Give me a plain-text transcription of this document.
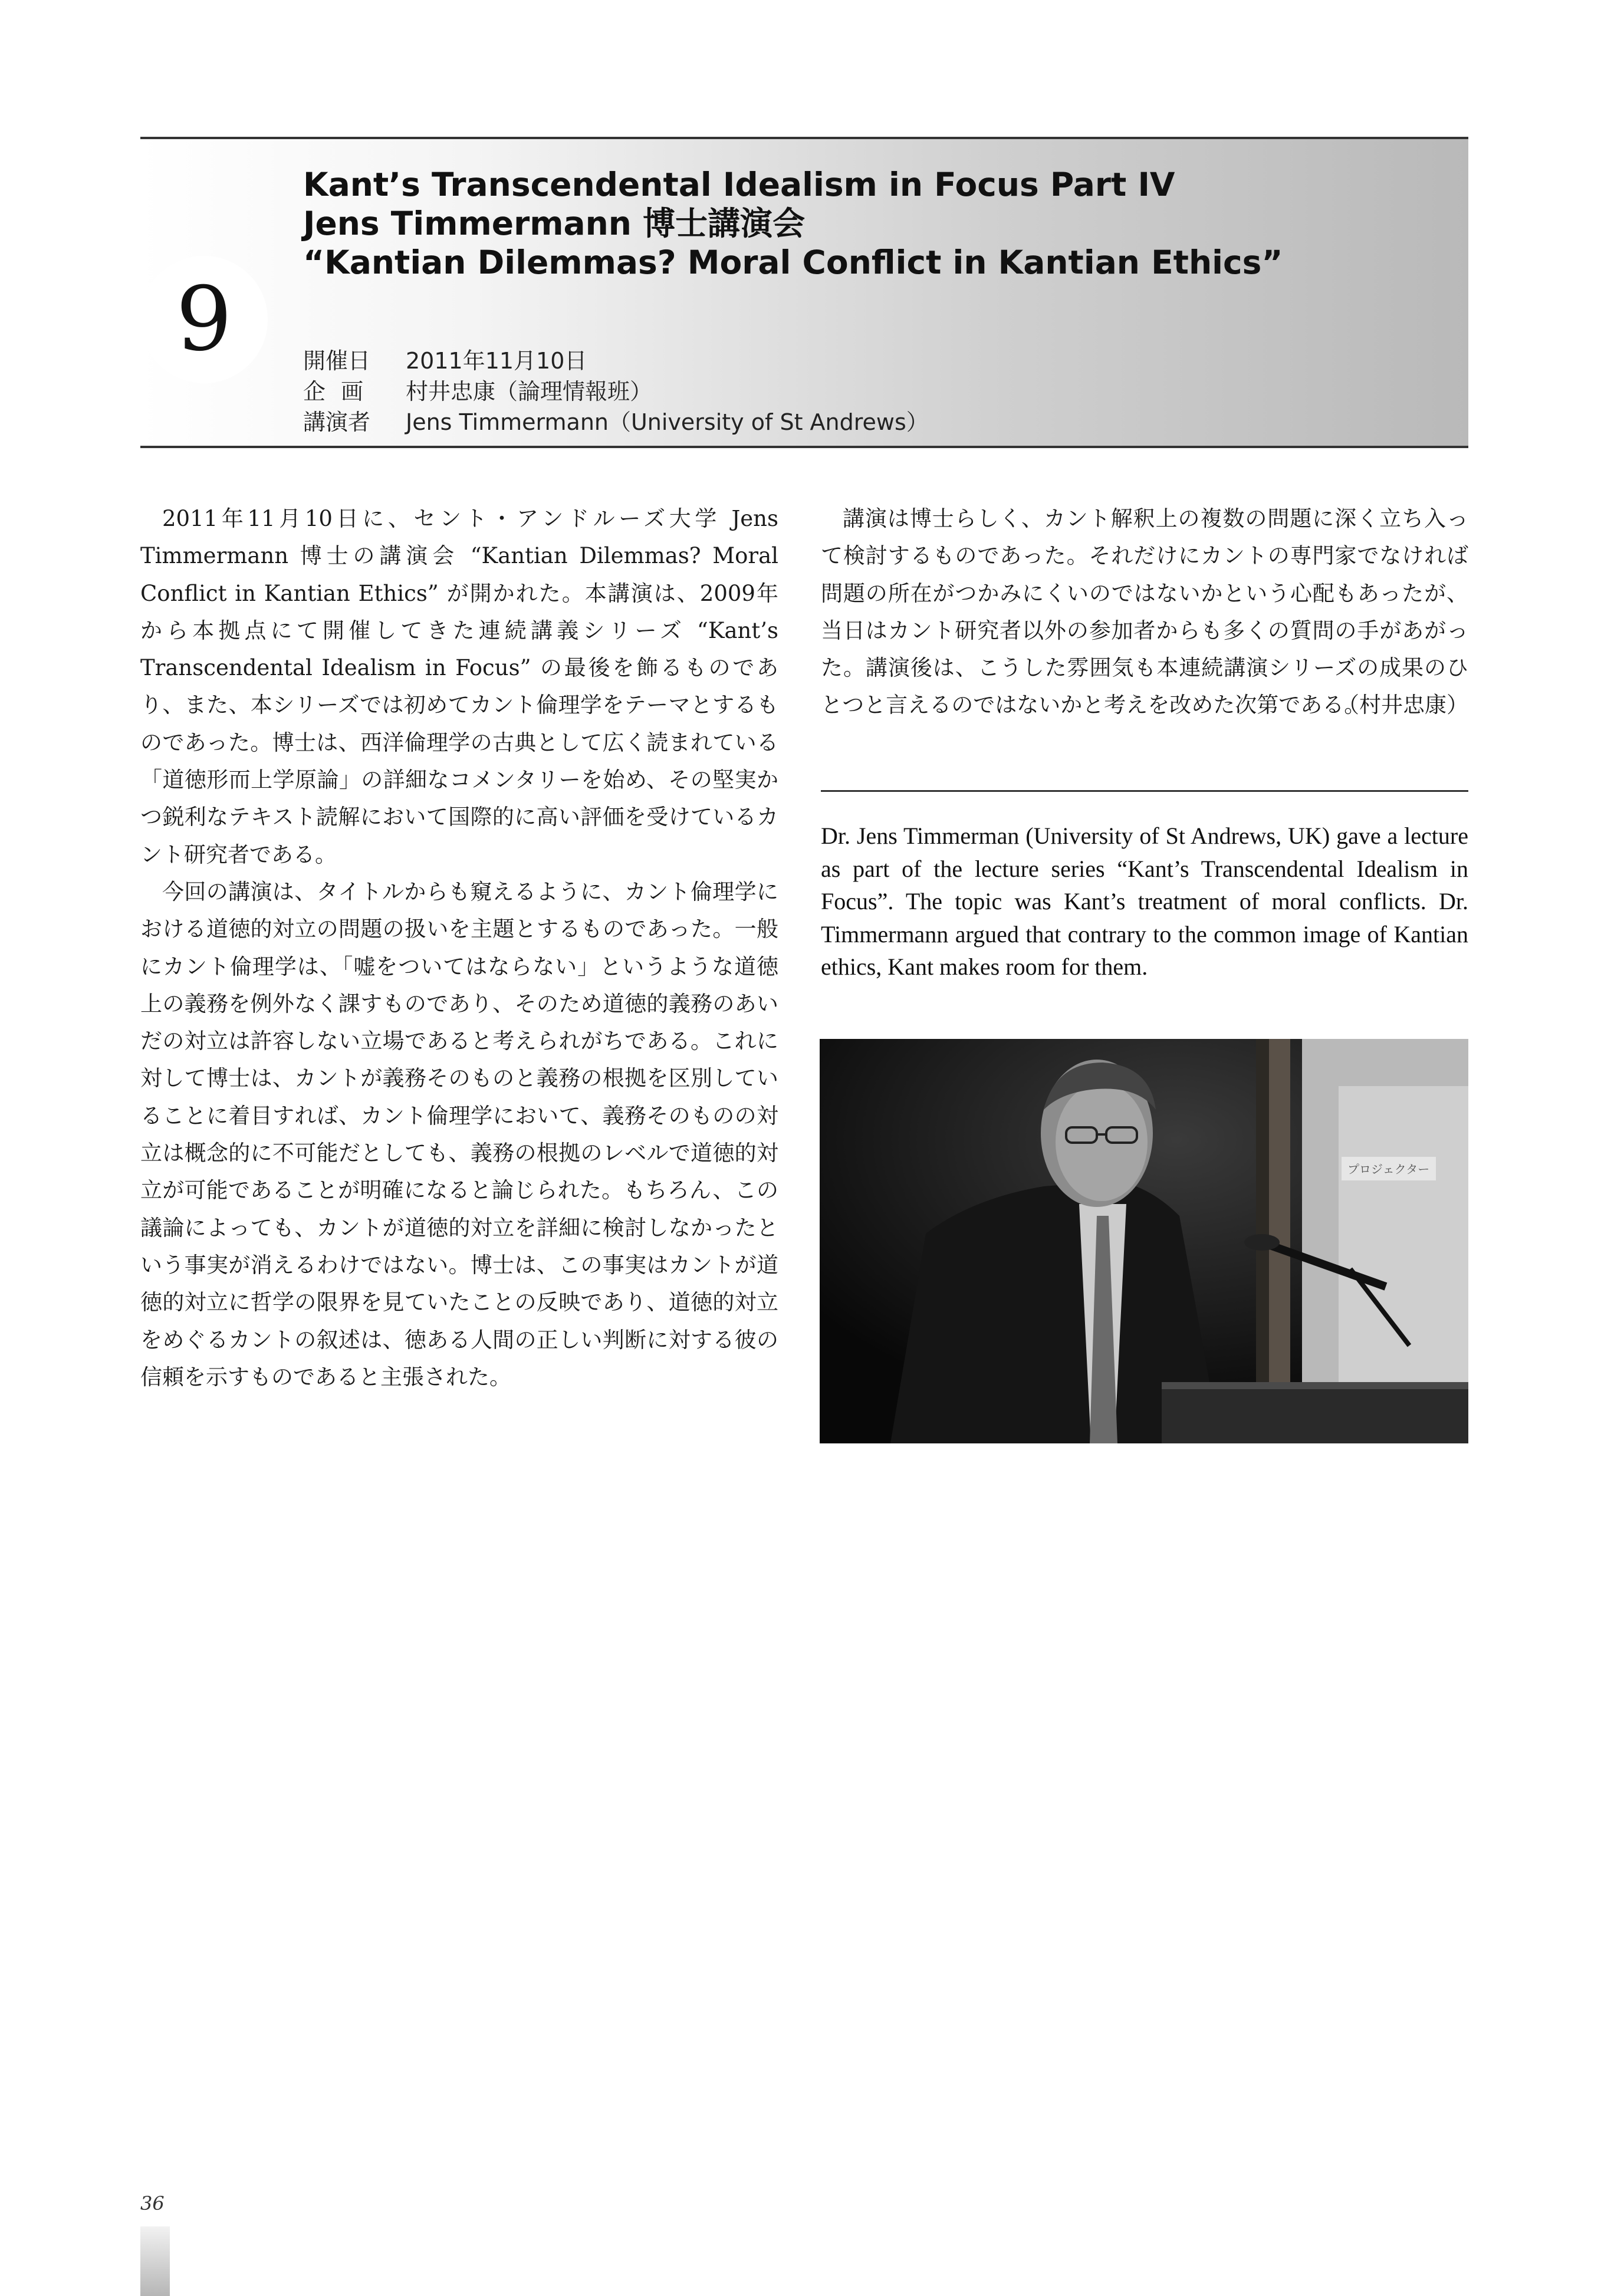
9
Kant’s Transcendental Idealism in Focus Part IV
Jens Timmermann 博士講演会
“Kantian Dilemmas? Moral Conflict in Kantian Ethics”
開催日 2011年11月10日
企画 村井忠康（論理情報班）
講演者 Jens Timmermann（University of St Andrews）

2011年11月10日に、セント・アンドルーズ大学 Jens Timmermann 博士の講演会 “Kantian Dilemmas? Moral Conflict in Kantian Ethics” が開かれた。本講演は、2009年から本拠点にて開催してきた連続講義シリーズ “Kant’s Transcendental Idealism in Focus” の最後を飾るものであり、また、本シリーズでは初めてカント倫理学をテーマとするものであった。博士は、西洋倫理学の古典として広く読まれている「道徳形而上学原論」の詳細なコメンタリーを始め、その堅実かつ鋭利なテキスト読解において国際的に高い評価を受けているカント研究者である。

今回の講演は、タイトルからも窺えるように、カント倫理学における道徳的対立の問題の扱いを主題とするものであった。一般にカント倫理学は、「嘘をついてはならない」というような道徳上の義務を例外なく課すものであり、そのため道徳的義務のあいだの対立は許容しない立場であると考えられがちである。これに対して博士は、カントが義務そのものと義務の根拠を区別していることに着目すれば、カント倫理学において、義務そのものの対立は概念的に不可能だとしても、義務の根拠のレベルで道徳的対立が可能であることが明確になると論じられた。もちろん、この議論によっても、カントが道徳的対立を詳細に検討しなかったという事実が消えるわけではない。博士は、この事実はカントが道徳的対立に哲学の限界を見ていたことの反映であり、道徳的対立をめぐるカントの叙述は、徳ある人間の正しい判断に対する彼の信頼を示すものであると主張された。

講演は博士らしく、カント解釈上の複数の問題に深く立ち入って検討するものであった。それだけにカントの専門家でなければ問題の所在がつかみにくいのではないかという心配もあったが、当日はカント研究者以外の参加者からも多くの質問の手があがった。講演後は、こうした雰囲気も本連続講演シリーズの成果のひとつと言えるのではないかと考えを改めた次第である。

（村井忠康）

Dr. Jens Timmerman (University of St Andrews, UK) gave a lecture as part of the lecture series “Kant’s Transcendental Idealism in Focus”. The topic was Kant’s treatment of moral conflicts. Dr. Timmermann argued that contrary to the common image of Kantian ethics, Kant makes room for them.

プロジェクター
36
